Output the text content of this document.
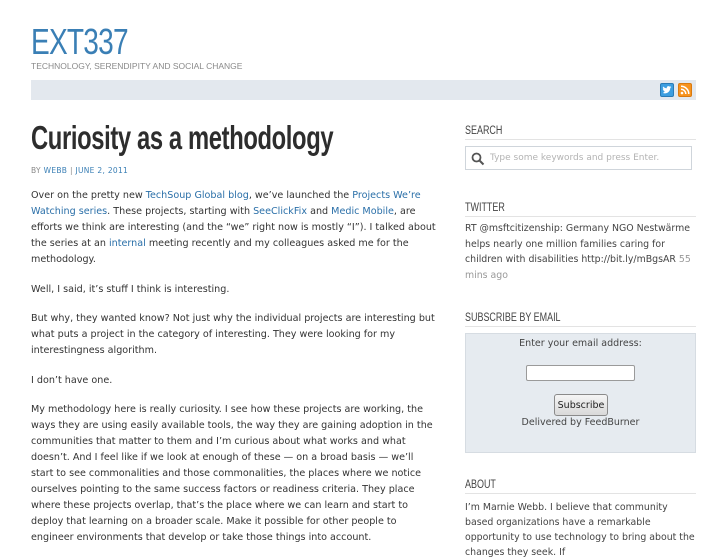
EXT337
TECHNOLOGY, SERENDIPITY AND SOCIAL CHANGE
Curiosity as a methodology
BY WEBB | JUNE 2, 2011

Over on the pretty new TechSoup Global blog, we’ve launched the Projects We’re Watching series. These projects, starting with SeeClickFix and Medic Mobile, are efforts we think are interesting (and the “we” right now is mostly “I”). I talked about the series at an internal meeting recently and my colleagues asked me for the methodology.

Well, I said, it’s stuff I think is interesting.

But why, they wanted know? Not just why the individual projects are interesting but what puts a project in the category of interesting. They were looking for my interestingness algorithm.

I don’t have one.

My methodology here is really curiosity. I see how these projects are working, the ways they are using easily available tools, the way they are gaining adoption in the communities that matter to them and I’m curious about what works and what doesn’t. And I feel like if we look at enough of these — on a broad basis — we’ll start to see commonalities and those commonalities, the places where we notice ourselves pointing to the same success factors or readiness criteria. They place where these projects overlap, that’s the place where we can learn and start to deploy that learning on a broader scale. Make it possible for other people to engineer environments that develop or take those things into account.

SEARCH
Type some keywords and press Enter.
TWITTER
RT @msftcitizenship: Germany NGO Nestwärme helps nearly one million families caring for children with disabilities http://bit.ly/mBgsAR 55 mins ago
SUBSCRIBE BY EMAIL
Enter your email address:
Subscribe
Delivered by FeedBurner
ABOUT
I’m Marnie Webb. I believe that community based organizations have a remarkable opportunity to use technology to bring about the changes they seek. If
